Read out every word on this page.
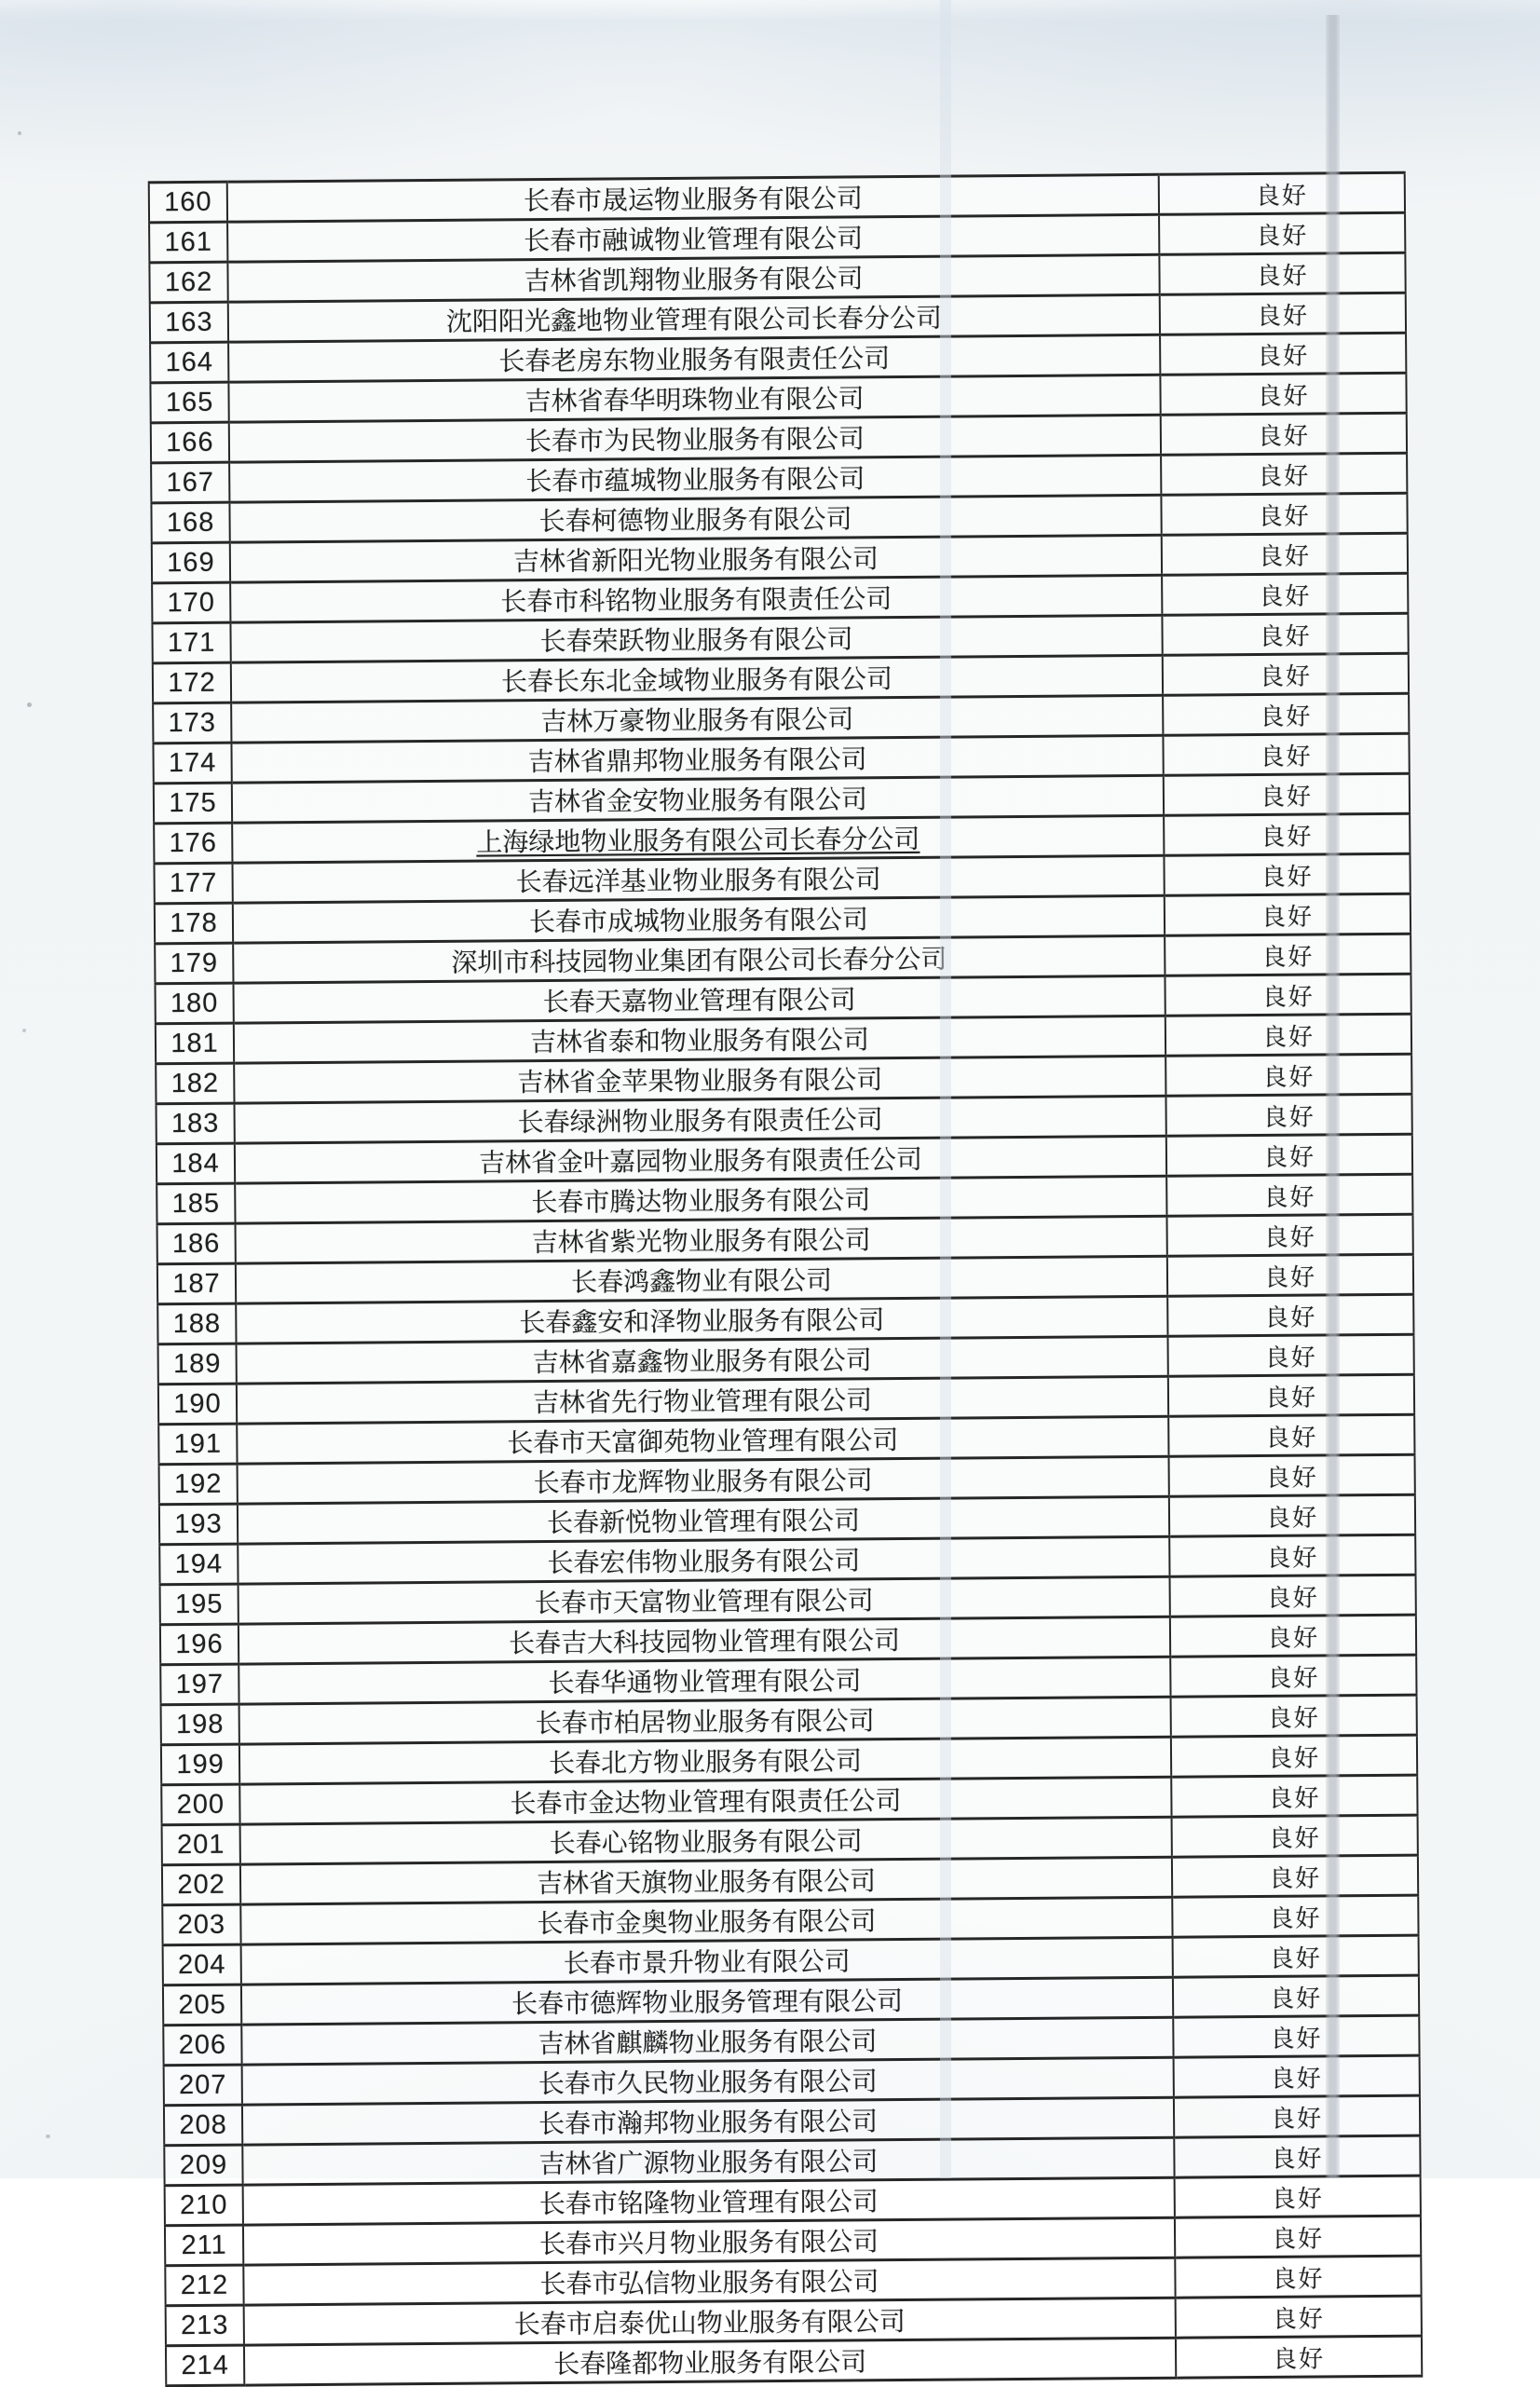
160	长春市晟运物业服务有限公司	良好
161	长春市融诚物业管理有限公司	良好
162	吉林省凯翔物业服务有限公司	良好
163	沈阳阳光鑫地物业管理有限公司长春分公司	良好
164	长春老房东物业服务有限责任公司	良好
165	吉林省春华明珠物业有限公司	良好
166	长春市为民物业服务有限公司	良好
167	长春市蕴城物业服务有限公司	良好
168	长春柯德物业服务有限公司	良好
169	吉林省新阳光物业服务有限公司	良好
170	长春市科铭物业服务有限责任公司	良好
171	长春荣跃物业服务有限公司	良好
172	长春长东北金域物业服务有限公司	良好
173	吉林万豪物业服务有限公司	良好
174	吉林省鼎邦物业服务有限公司	良好
175	吉林省金安物业服务有限公司	良好
176	上海绿地物业服务有限公司长春分公司	良好
177	长春远洋基业物业服务有限公司	良好
178	长春市成城物业服务有限公司	良好
179	深圳市科技园物业集团有限公司长春分公司	良好
180	长春天嘉物业管理有限公司	良好
181	吉林省泰和物业服务有限公司	良好
182	吉林省金苹果物业服务有限公司	良好
183	长春绿洲物业服务有限责任公司	良好
184	吉林省金叶嘉园物业服务有限责任公司	良好
185	长春市腾达物业服务有限公司	良好
186	吉林省紫光物业服务有限公司	良好
187	长春鸿鑫物业有限公司	良好
188	长春鑫安和泽物业服务有限公司	良好
189	吉林省嘉鑫物业服务有限公司	良好
190	吉林省先行物业管理有限公司	良好
191	长春市天富御苑物业管理有限公司	良好
192	长春市龙辉物业服务有限公司	良好
193	长春新悦物业管理有限公司	良好
194	长春宏伟物业服务有限公司	良好
195	长春市天富物业管理有限公司	良好
196	长春吉大科技园物业管理有限公司	良好
197	长春华通物业管理有限公司	良好
198	长春市柏居物业服务有限公司	良好
199	长春北方物业服务有限公司	良好
200	长春市金达物业管理有限责任公司	良好
201	长春心铭物业服务有限公司	良好
202	吉林省天旗物业服务有限公司	良好
203	长春市金奥物业服务有限公司	良好
204	长春市景升物业有限公司	良好
205	长春市德辉物业服务管理有限公司	良好
206	吉林省麒麟物业服务有限公司	良好
207	长春市久民物业服务有限公司	良好
208	长春市瀚邦物业服务有限公司	良好
209	吉林省广源物业服务有限公司	良好
210	长春市铭隆物业管理有限公司	良好
211	长春市兴月物业服务有限公司	良好
212	长春市弘信物业服务有限公司	良好
213	长春市启泰优山物业服务有限公司	良好
214	长春隆都物业服务有限公司	良好
